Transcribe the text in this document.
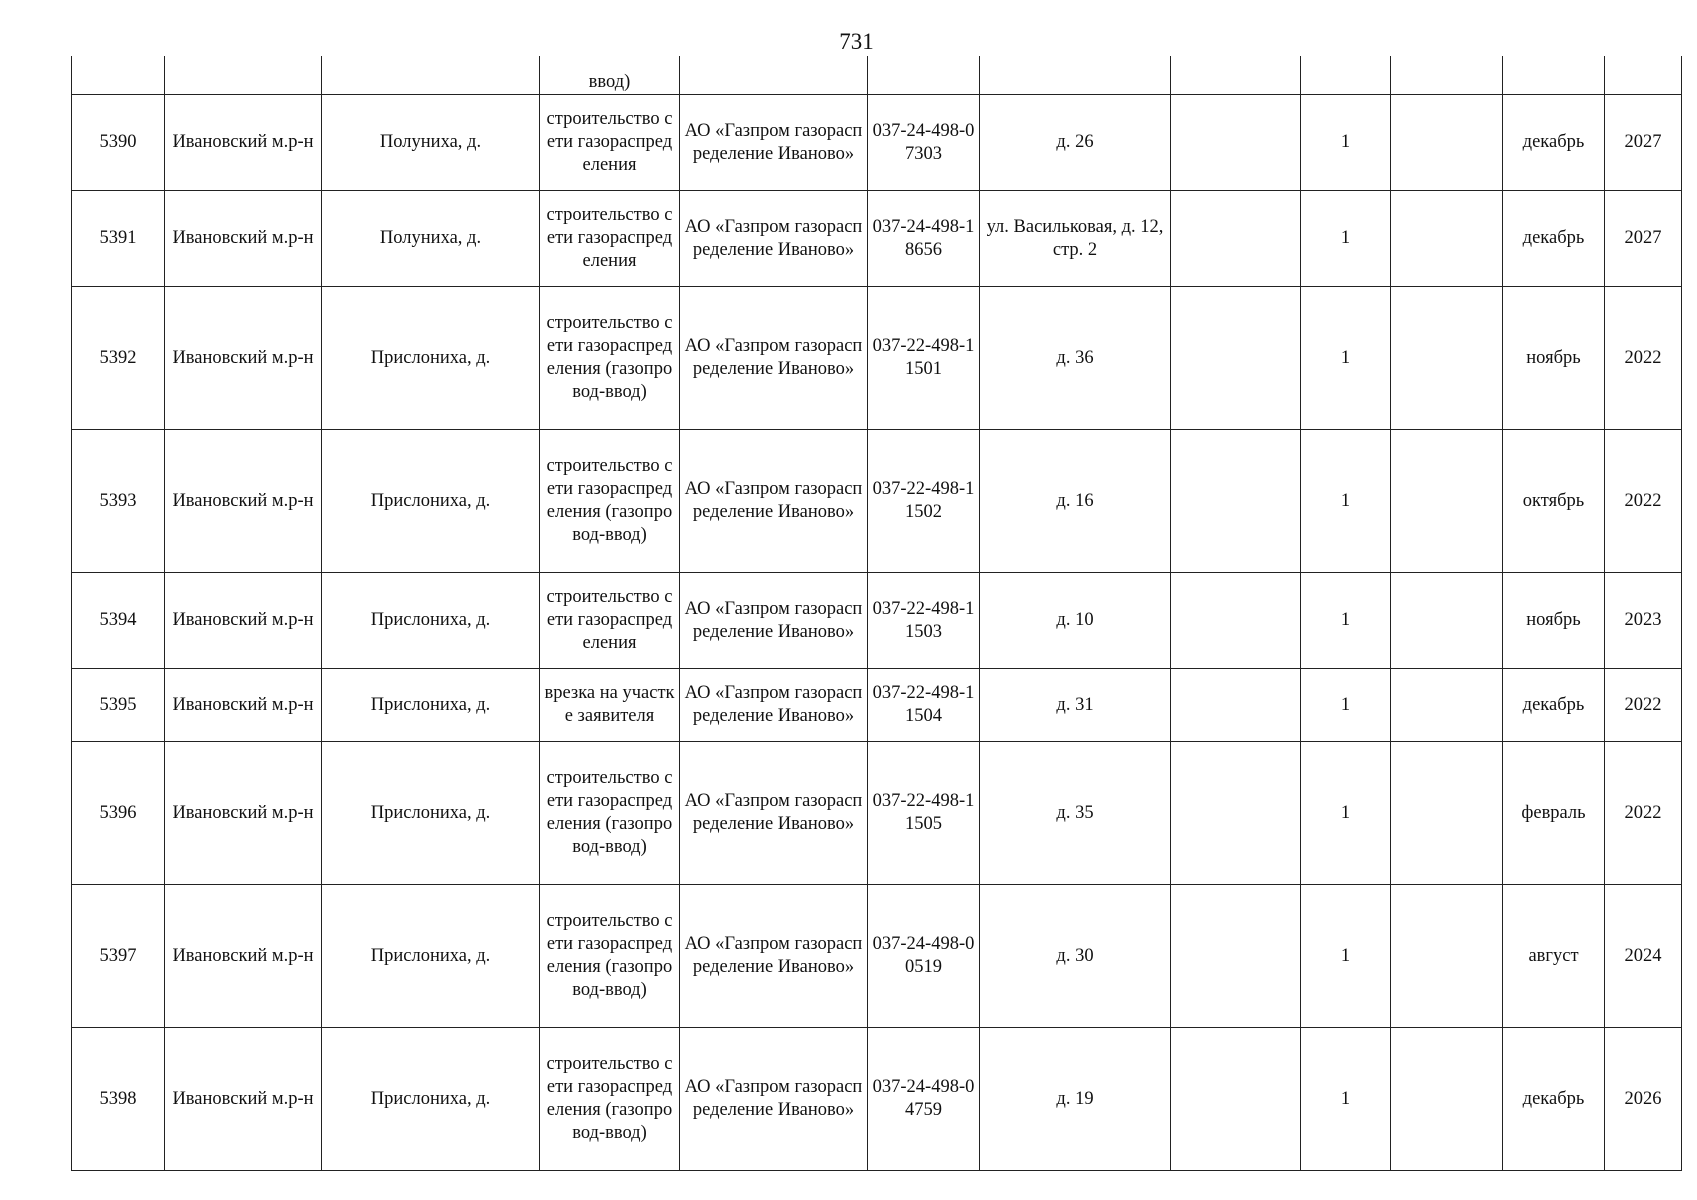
731
			ввод)								
5390	Ивановский м.р-н	Полуниха, д.	строительство сети газораспределения	АО «Газпром газораспределение Иваново»	037-24-498-07303	д. 26		1		декабрь	2027
5391	Ивановский м.р-н	Полуниха, д.	строительство сети газораспределения	АО «Газпром газораспределение Иваново»	037-24-498-18656	ул. Васильковая, д. 12, стр. 2		1		декабрь	2027
5392	Ивановский м.р-н	Прислониха, д.	строительство сети газораспределения (газопровод-ввод)	АО «Газпром газораспределение Иваново»	037-22-498-11501	д. 36		1		ноябрь	2022
5393	Ивановский м.р-н	Прислониха, д.	строительство сети газораспределения (газопровод-ввод)	АО «Газпром газораспределение Иваново»	037-22-498-11502	д. 16		1		октябрь	2022
5394	Ивановский м.р-н	Прислониха, д.	строительство сети газораспределения	АО «Газпром газораспределение Иваново»	037-22-498-11503	д. 10		1		ноябрь	2023
5395	Ивановский м.р-н	Прислониха, д.	врезка на участке заявителя	АО «Газпром газораспределение Иваново»	037-22-498-11504	д. 31		1		декабрь	2022
5396	Ивановский м.р-н	Прислониха, д.	строительство сети газораспределения (газопровод-ввод)	АО «Газпром газораспределение Иваново»	037-22-498-11505	д. 35		1		февраль	2022
5397	Ивановский м.р-н	Прислониха, д.	строительство сети газораспределения (газопровод-ввод)	АО «Газпром газораспределение Иваново»	037-24-498-00519	д. 30		1		август	2024
5398	Ивановский м.р-н	Прислониха, д.	строительство сети газораспределения (газопровод-ввод)	АО «Газпром газораспределение Иваново»	037-24-498-04759	д. 19		1		декабрь	2026
